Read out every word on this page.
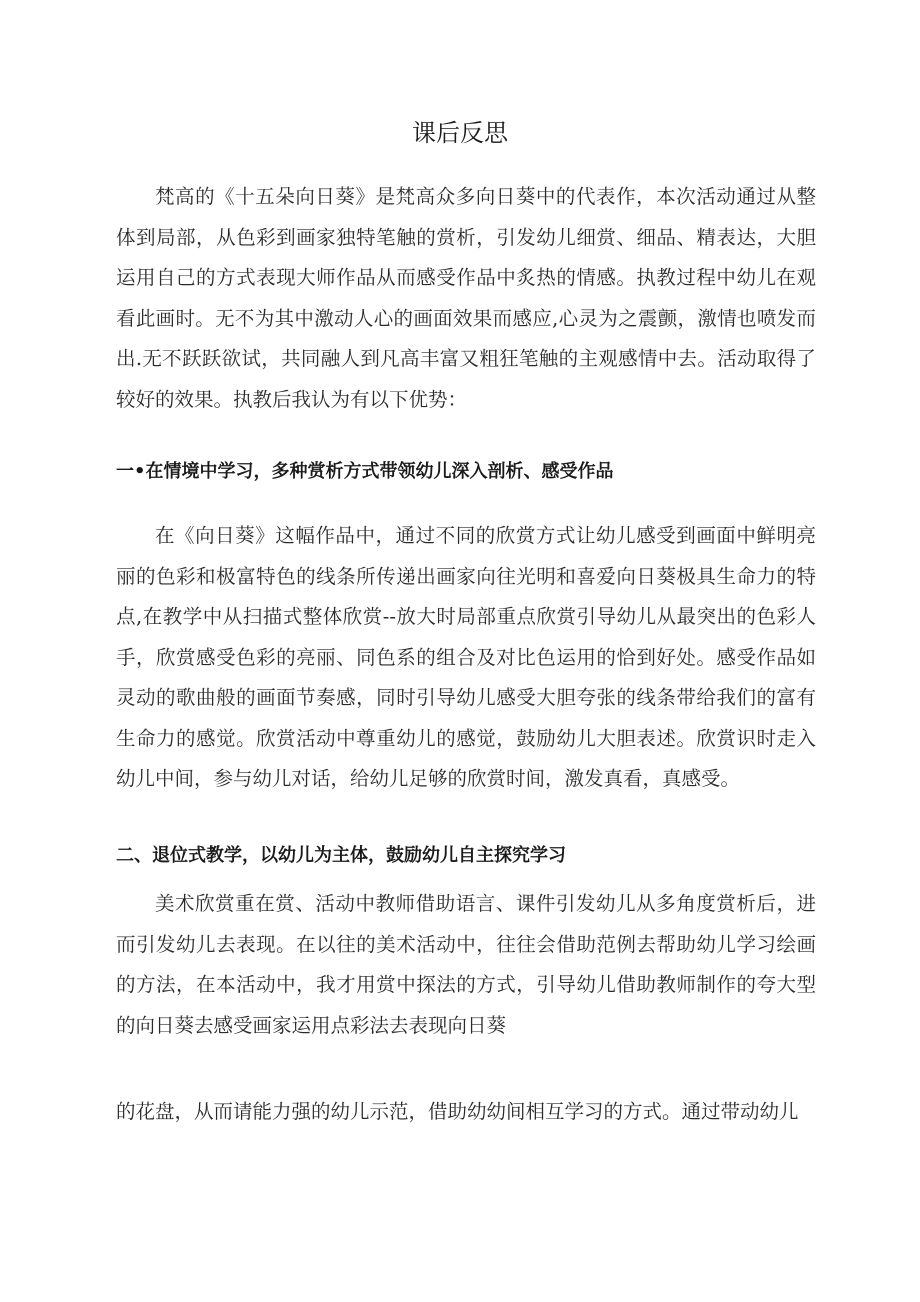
课后反思

梵高的《十五朵向日葵》是梵高众多向日葵中的代表作，本次活动通过从整体到局部，从色彩到画家独特笔触的赏析，引发幼儿细赏、细品、精表达，大胆运用自己的方式表现大师作品从而感受作品中炙热的情感。执教过程中幼儿在观看此画时。无不为其中激动人心的画面效果而感应,心灵为之震颤，激情也喷发而出.无不跃跃欲试，共同融人到凡高丰富又粗狂笔触的主观感情中去。活动取得了较好的效果。执教后我认为有以下优势：

一•在情境中学习，多种赏析方式带领幼儿深入剖析、感受作品

在《向日葵》这幅作品中，通过不同的欣赏方式让幼儿感受到画面中鲜明亮丽的色彩和极富特色的线条所传递出画家向往光明和喜爱向日葵极具生命力的特点,在教学中从扫描式整体欣赏--放大时局部重点欣赏引导幼儿从最突出的色彩人手，欣赏感受色彩的亮丽、同色系的组合及对比色运用的恰到好处。感受作品如灵动的歌曲般的画面节奏感，同时引导幼儿感受大胆夸张的线条带给我们的富有生命力的感觉。欣赏活动中尊重幼儿的感觉，鼓励幼儿大胆表述。欣赏识时走入幼儿中间，参与幼儿对话，给幼儿足够的欣赏时间，激发真看，真感受。

二、退位式教学，以幼儿为主体，鼓励幼儿自主探究学习

美术欣赏重在赏、活动中教师借助语言、课件引发幼儿从多角度赏析后，进而引发幼儿去表现。在以往的美术活动中，往往会借助范例去帮助幼儿学习绘画的方法，在本活动中，我才用赏中探法的方式，引导幼儿借助教师制作的夸大型的向日葵去感受画家运用点彩法去表现向日葵

的花盘，从而请能力强的幼儿示范，借助幼幼间相互学习的方式。通过带动幼儿
